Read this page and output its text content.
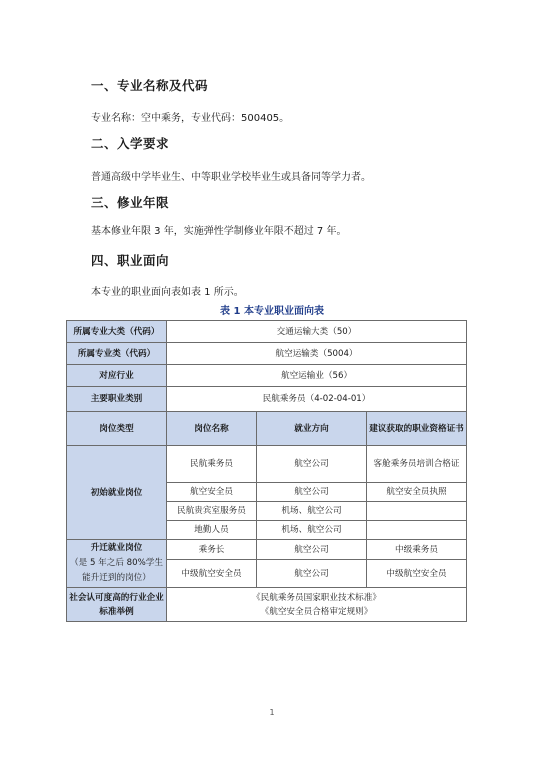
一、专业名称及代码
专业名称：空中乘务，专业代码：500405。
二、入学要求
普通高级中学毕业生、中等职业学校毕业生或具备同等学力者。
三、修业年限
基本修业年限 3 年，实施弹性学制修业年限不超过 7 年。
四、职业面向
本专业的职业面向表如表 1 所示。
表 1 本专业职业面向表
所属专业大类（代码）	交通运输大类（50）		
所属专业类（代码）	航空运输类（5004）		
对应行业	航空运输业（56）		
主要职业类别	民航乘务员（4-02-04-01）		
岗位类型	岗位名称	就业方向	建议获取的职业资格证书
初始就业岗位	民航乘务员	航空公司	客舱乘务员培训合格证
	航空安全员	航空公司	航空安全员执照
	民航贵宾室服务员	机场、航空公司	
	地勤人员	机场、航空公司	

升迁就业岗位
（是 5 年之后 80%学生能升迁到的岗位）	乘务长	航空公司	中级乘务员
	中级航空安全员	航空公司	中级航空安全员
社会认可度高的行业企业标准举例	《民航乘务员国家职业技术标准》
《航空安全员合格审定规则》		
1
